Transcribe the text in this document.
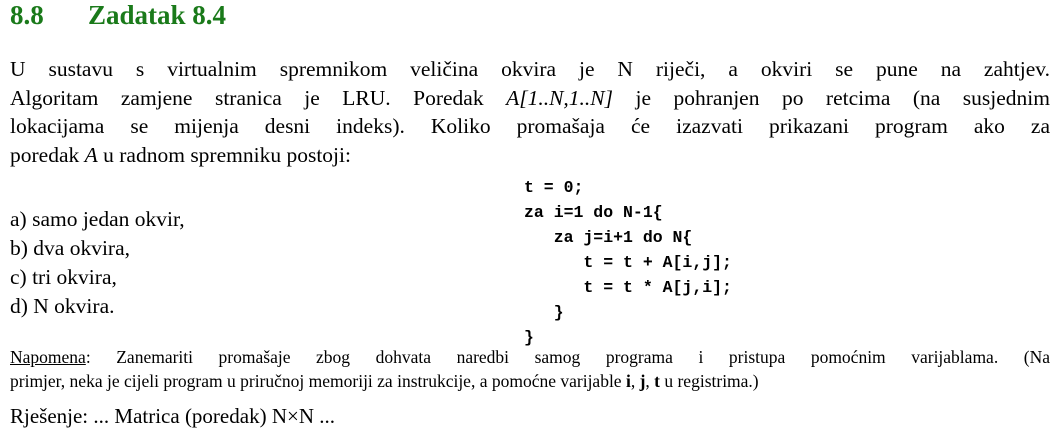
8.8	Zadatak 8.4
U sustavu s virtualnim spremnikom veličina okvira je N riječi, a okviri se pune na zahtjev.
Algoritam zamjene stranica je LRU. Poredak A[1..N,1..N] je pohranjen po retcima (na susjednim
lokacijama se mijenja desni indeks). Koliko promašaja će izazvati prikazani program ako za
poredak A u radnom spremniku postoji:
a) samo jedan okvir,
b) dva okvira,
c) tri okvira,
d) N okvira.
t = 0;
za i=1 do N-1{
za j=i+1 do N{
t = t + A[i,j];
t = t * A[j,i];
}
}
Napomena: Zanemariti promašaje zbog dohvata naredbi samog programa i pristupa pomoćnim varijablama. (Na
primjer, neka je cijeli program u priručnoj memoriji za instrukcije, a pomoćne varijable i, j, t u registrima.)
Rješenje: ... Matrica (poredak) N×N ...
